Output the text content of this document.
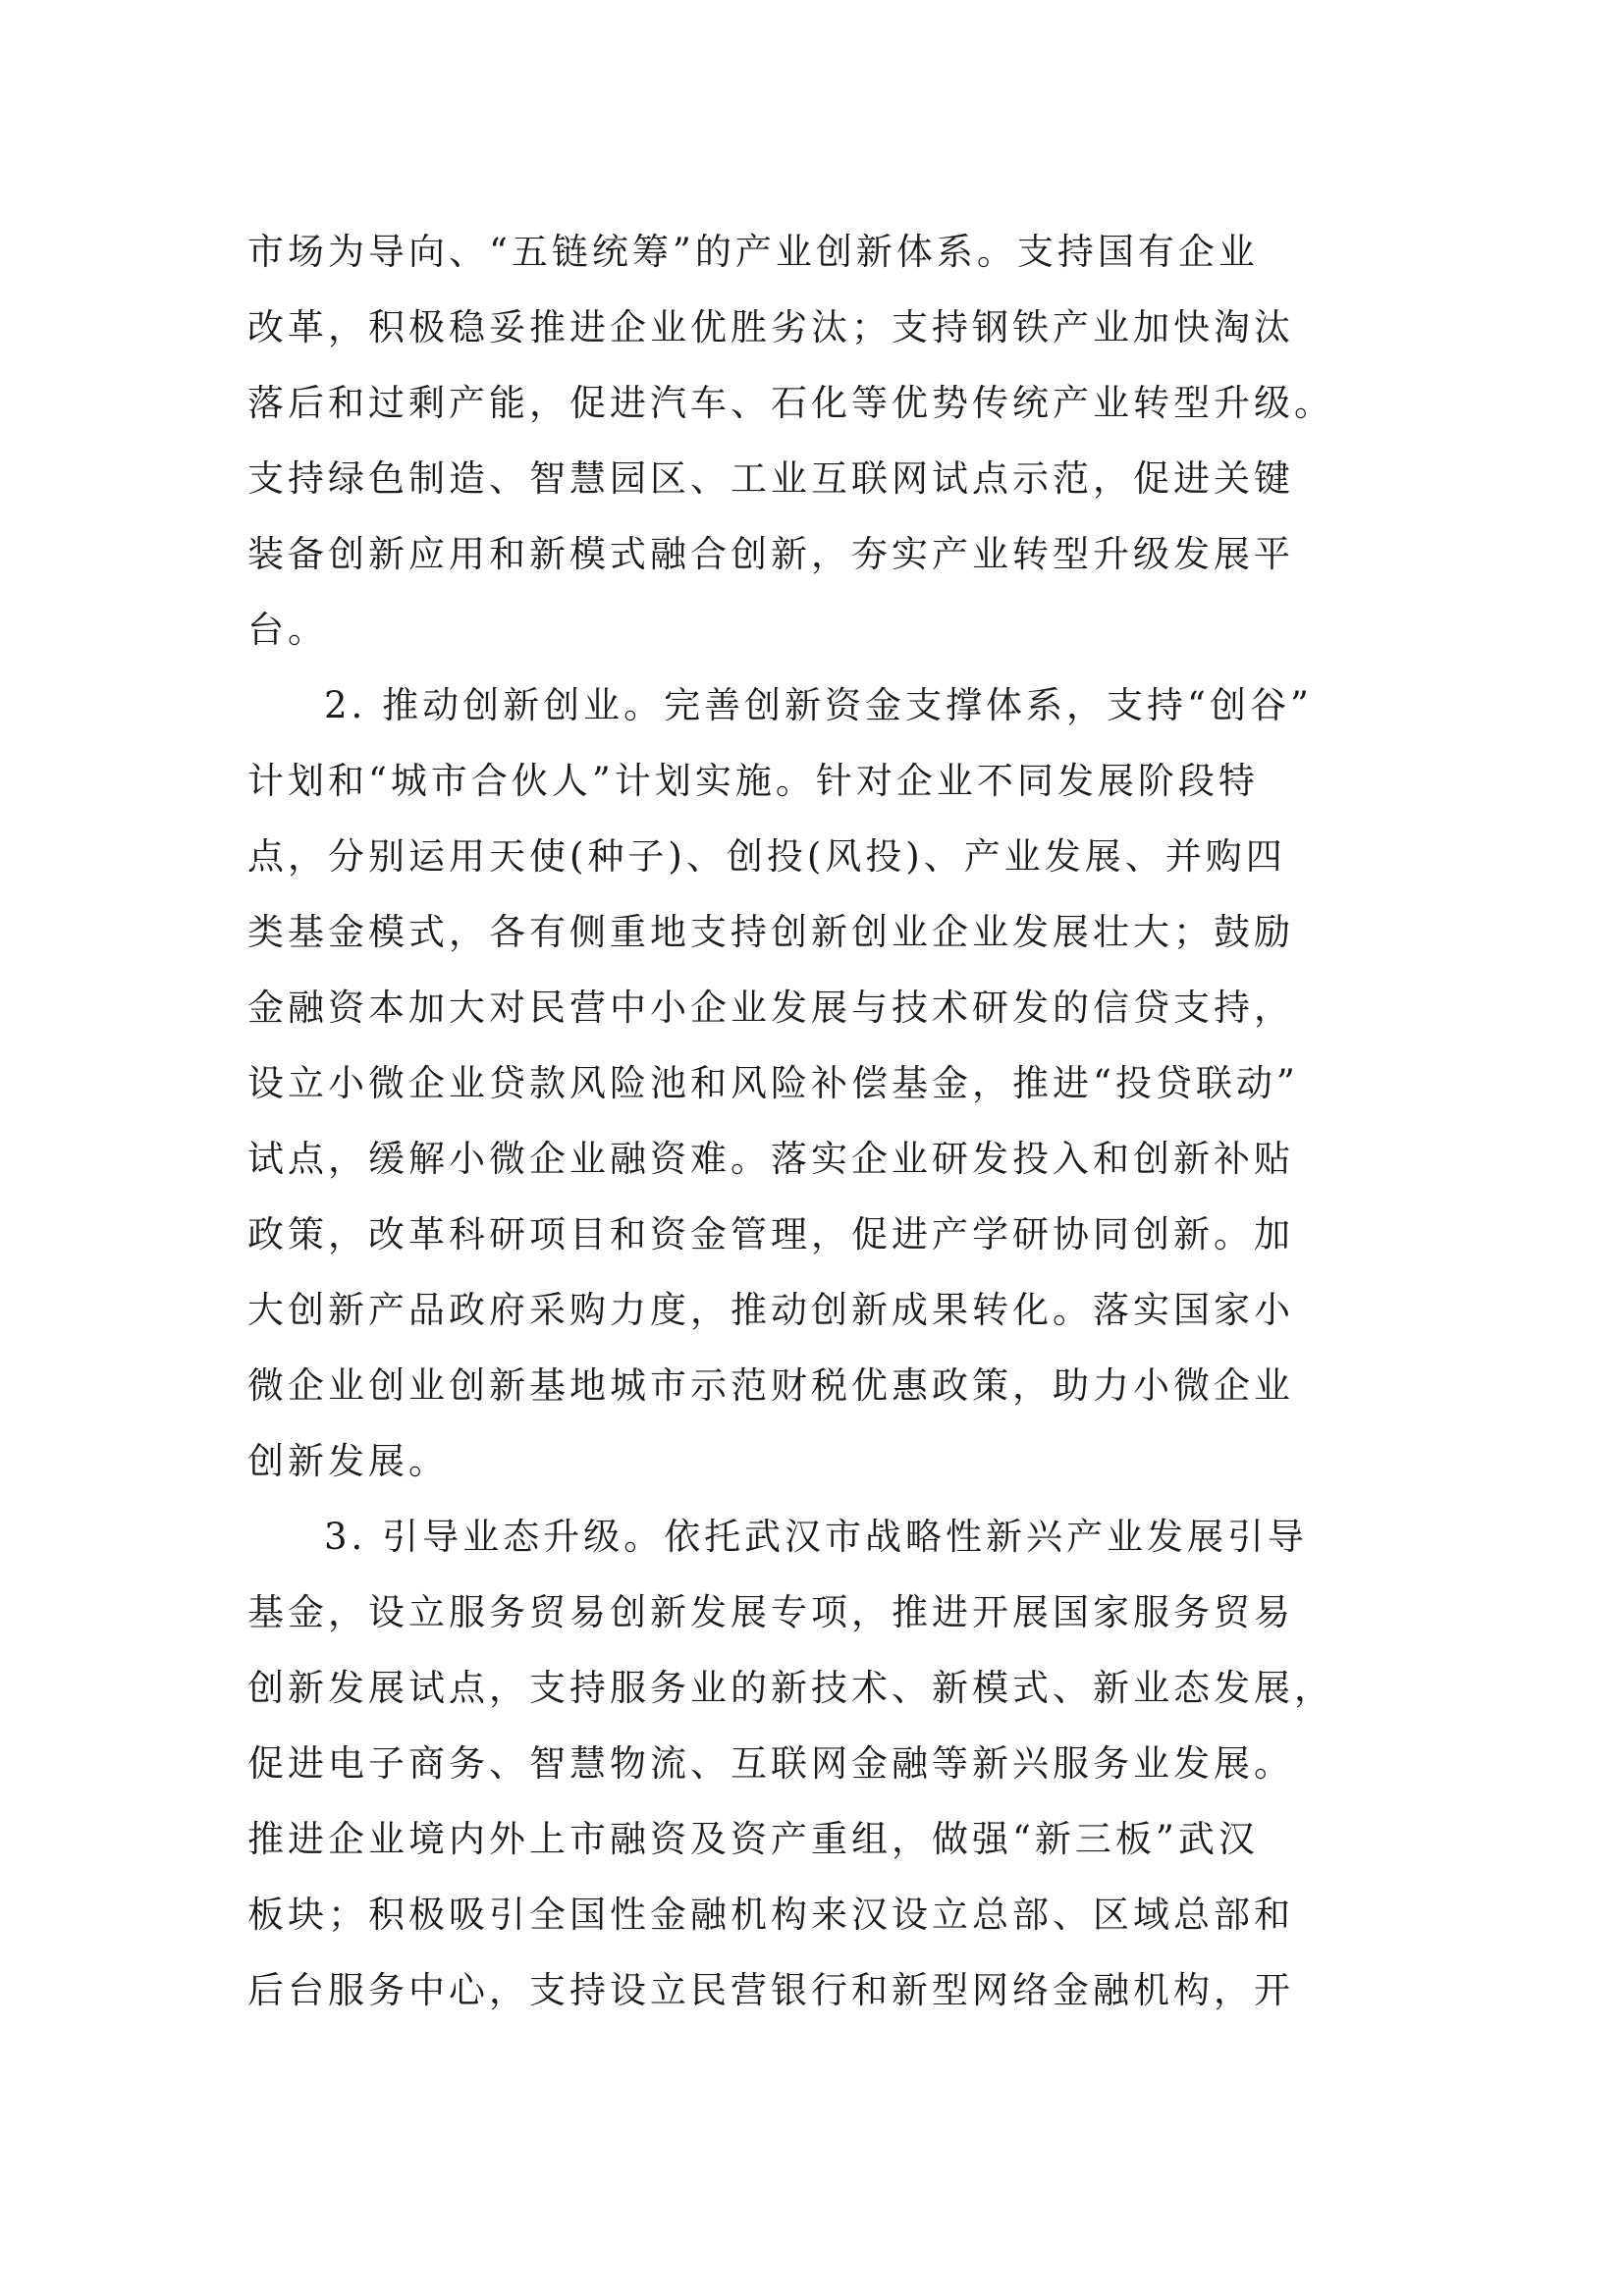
市场为导向、“五链统筹”的产业创新体系。支持国有企业
改革，积极稳妥推进企业优胜劣汰；支持钢铁产业加快淘汰
落后和过剩产能，促进汽车、石化等优势传统产业转型升级。
支持绿色制造、智慧园区、工业互联网试点示范，促进关键
装备创新应用和新模式融合创新，夯实产业转型升级发展平
台。
2. 推动创新创业。完善创新资金支撑体系，支持“创谷”
计划和“城市合伙人”计划实施。针对企业不同发展阶段特
点，分别运用天使(种子)、创投(风投)、产业发展、并购四
类基金模式，各有侧重地支持创新创业企业发展壮大；鼓励
金融资本加大对民营中小企业发展与技术研发的信贷支持，
设立小微企业贷款风险池和风险补偿基金，推进“投贷联动”
试点，缓解小微企业融资难。落实企业研发投入和创新补贴
政策，改革科研项目和资金管理，促进产学研协同创新。加
大创新产品政府采购力度，推动创新成果转化。落实国家小
微企业创业创新基地城市示范财税优惠政策，助力小微企业
创新发展。
3. 引导业态升级。依托武汉市战略性新兴产业发展引导
基金，设立服务贸易创新发展专项，推进开展国家服务贸易
创新发展试点，支持服务业的新技术、新模式、新业态发展，
促进电子商务、智慧物流、互联网金融等新兴服务业发展。
推进企业境内外上市融资及资产重组，做强“新三板”武汉
板块；积极吸引全国性金融机构来汉设立总部、区域总部和
后台服务中心，支持设立民营银行和新型网络金融机构，开
